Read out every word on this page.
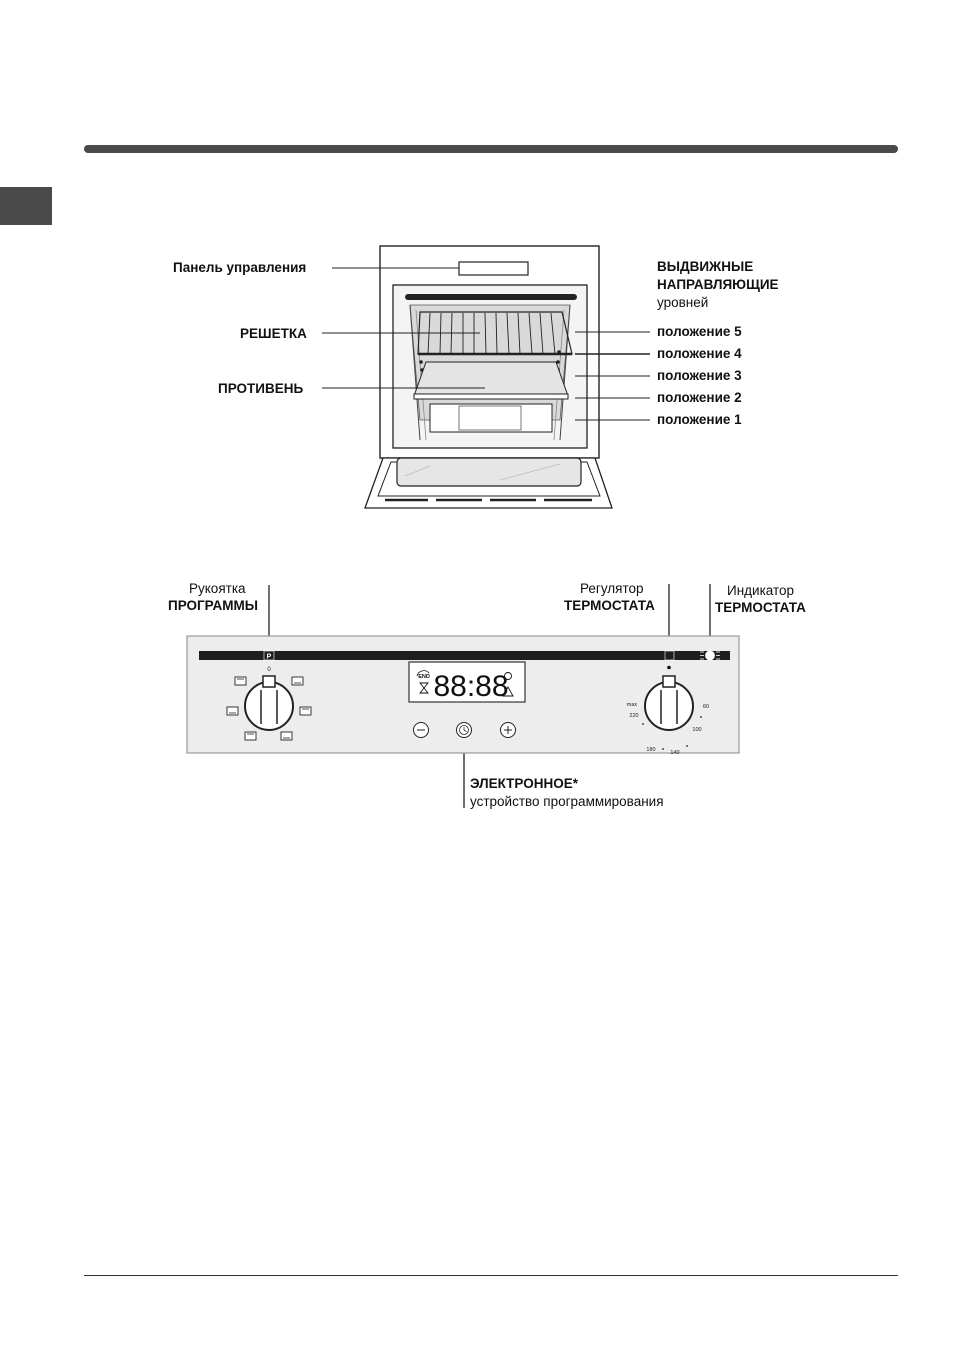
Панель управления
РЕШЕТКА
ПРОТИВЕНЬ
ВЫДВИЖНЫЕ
НАПРАВЛЯЮЩИЕ
уровней
положение 5
положение 4
положение 3
положение 2
положение 1
P
0	88:88
END
max
220
180	140
100
60
Рукоятка
ПРОГРАММЫ
Регулятор
ТЕРМОСТАТА
Индикатор
ТЕРМОСТАТА
ЭЛЕКТРОННОЕ*
устройство программирования
